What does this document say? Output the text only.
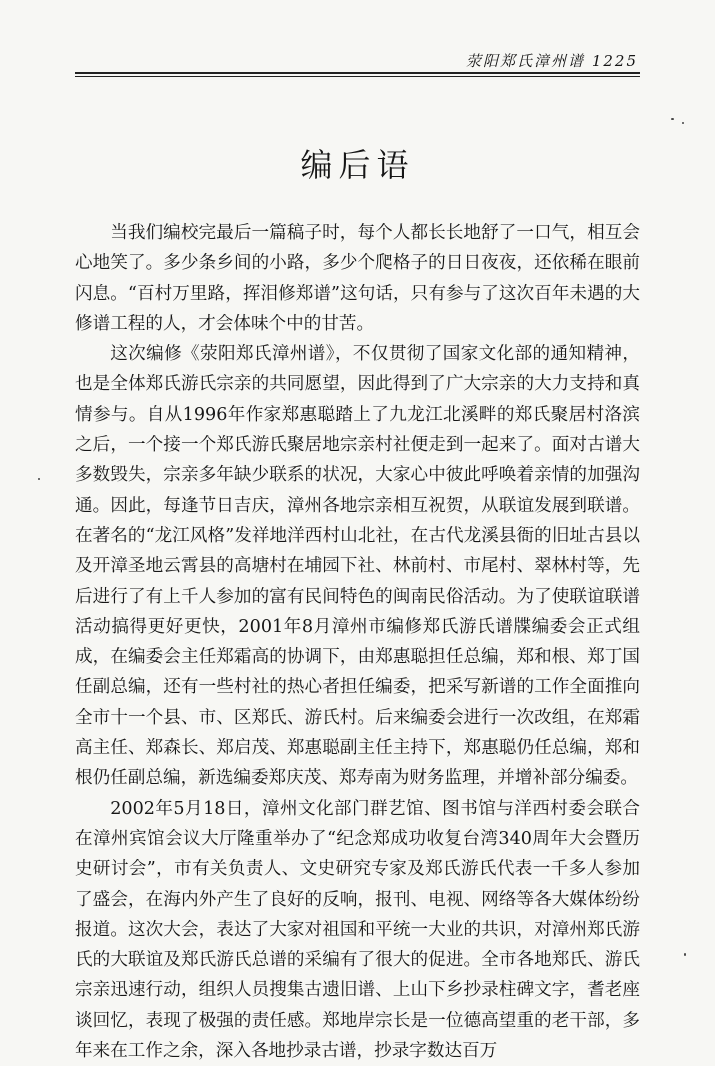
荥阳郑氏漳州谱 1225
编后语

当我们编校完最后一篇稿子时，每个人都长长地舒了一口气，相互会心地笑了。多少条乡间的小路，多少个爬格子的日日夜夜，还依稀在眼前闪息。“百村万里路，挥泪修郑谱”这句话，只有参与了这次百年未遇的大修谱工程的人，才会体味个中的甘苦。

这次编修《荥阳郑氏漳州谱》，不仅贯彻了国家文化部的通知精神，也是全体郑氏游氏宗亲的共同愿望，因此得到了广大宗亲的大力支持和真情参与。自从1996年作家郑惠聪踏上了九龙江北溪畔的郑氏聚居村洛滨之后，一个接一个郑氏游氏聚居地宗亲村社便走到一起来了。面对古谱大多数毁失，宗亲多年缺少联系的状况，大家心中彼此呼唤着亲情的加强沟通。因此，每逢节日吉庆，漳州各地宗亲相互祝贺，从联谊发展到联谱。在著名的“龙江风格”发祥地洋西村山北社，在古代龙溪县衙的旧址古县以及开漳圣地云霄县的高塘村在埔园下社、林前村、市尾村、翠林村等，先后进行了有上千人参加的富有民间特色的闽南民俗活动。为了使联谊联谱活动搞得更好更快，2001年8月漳州市编修郑氏游氏谱牒编委会正式组成，在编委会主任郑霜高的协调下，由郑惠聪担任总编，郑和根、郑丁国任副总编，还有一些村社的热心者担任编委，把采写新谱的工作全面推向全市十一个县、市、区郑氏、游氏村。后来编委会进行一次改组，在郑霜高主任、郑森长、郑启茂、郑惠聪副主任主持下，郑惠聪仍任总编，郑和根仍任副总编，新选编委郑庆茂、郑寿南为财务监理，并增补部分编委。

2002年5月18日，漳州文化部门群艺馆、图书馆与洋西村委会联合在漳州宾馆会议大厅隆重举办了“纪念郑成功收复台湾340周年大会暨历史研讨会”，市有关负责人、文史研究专家及郑氏游氏代表一千多人参加了盛会，在海内外产生了良好的反响，报刊、电视、网络等各大媒体纷纷报道。这次大会，表达了大家对祖国和平统一大业的共识，对漳州郑氏游氏的大联谊及郑氏游氏总谱的采编有了很大的促进。全市各地郑氏、游氏宗亲迅速行动，组织人员搜集古遗旧谱、上山下乡抄录柱碑文字，耆老座谈回忆，表现了极强的责任感。郑地岸宗长是一位德高望重的老干部，多年来在工作之余，深入各地抄录古谱，抄录字数达百万
